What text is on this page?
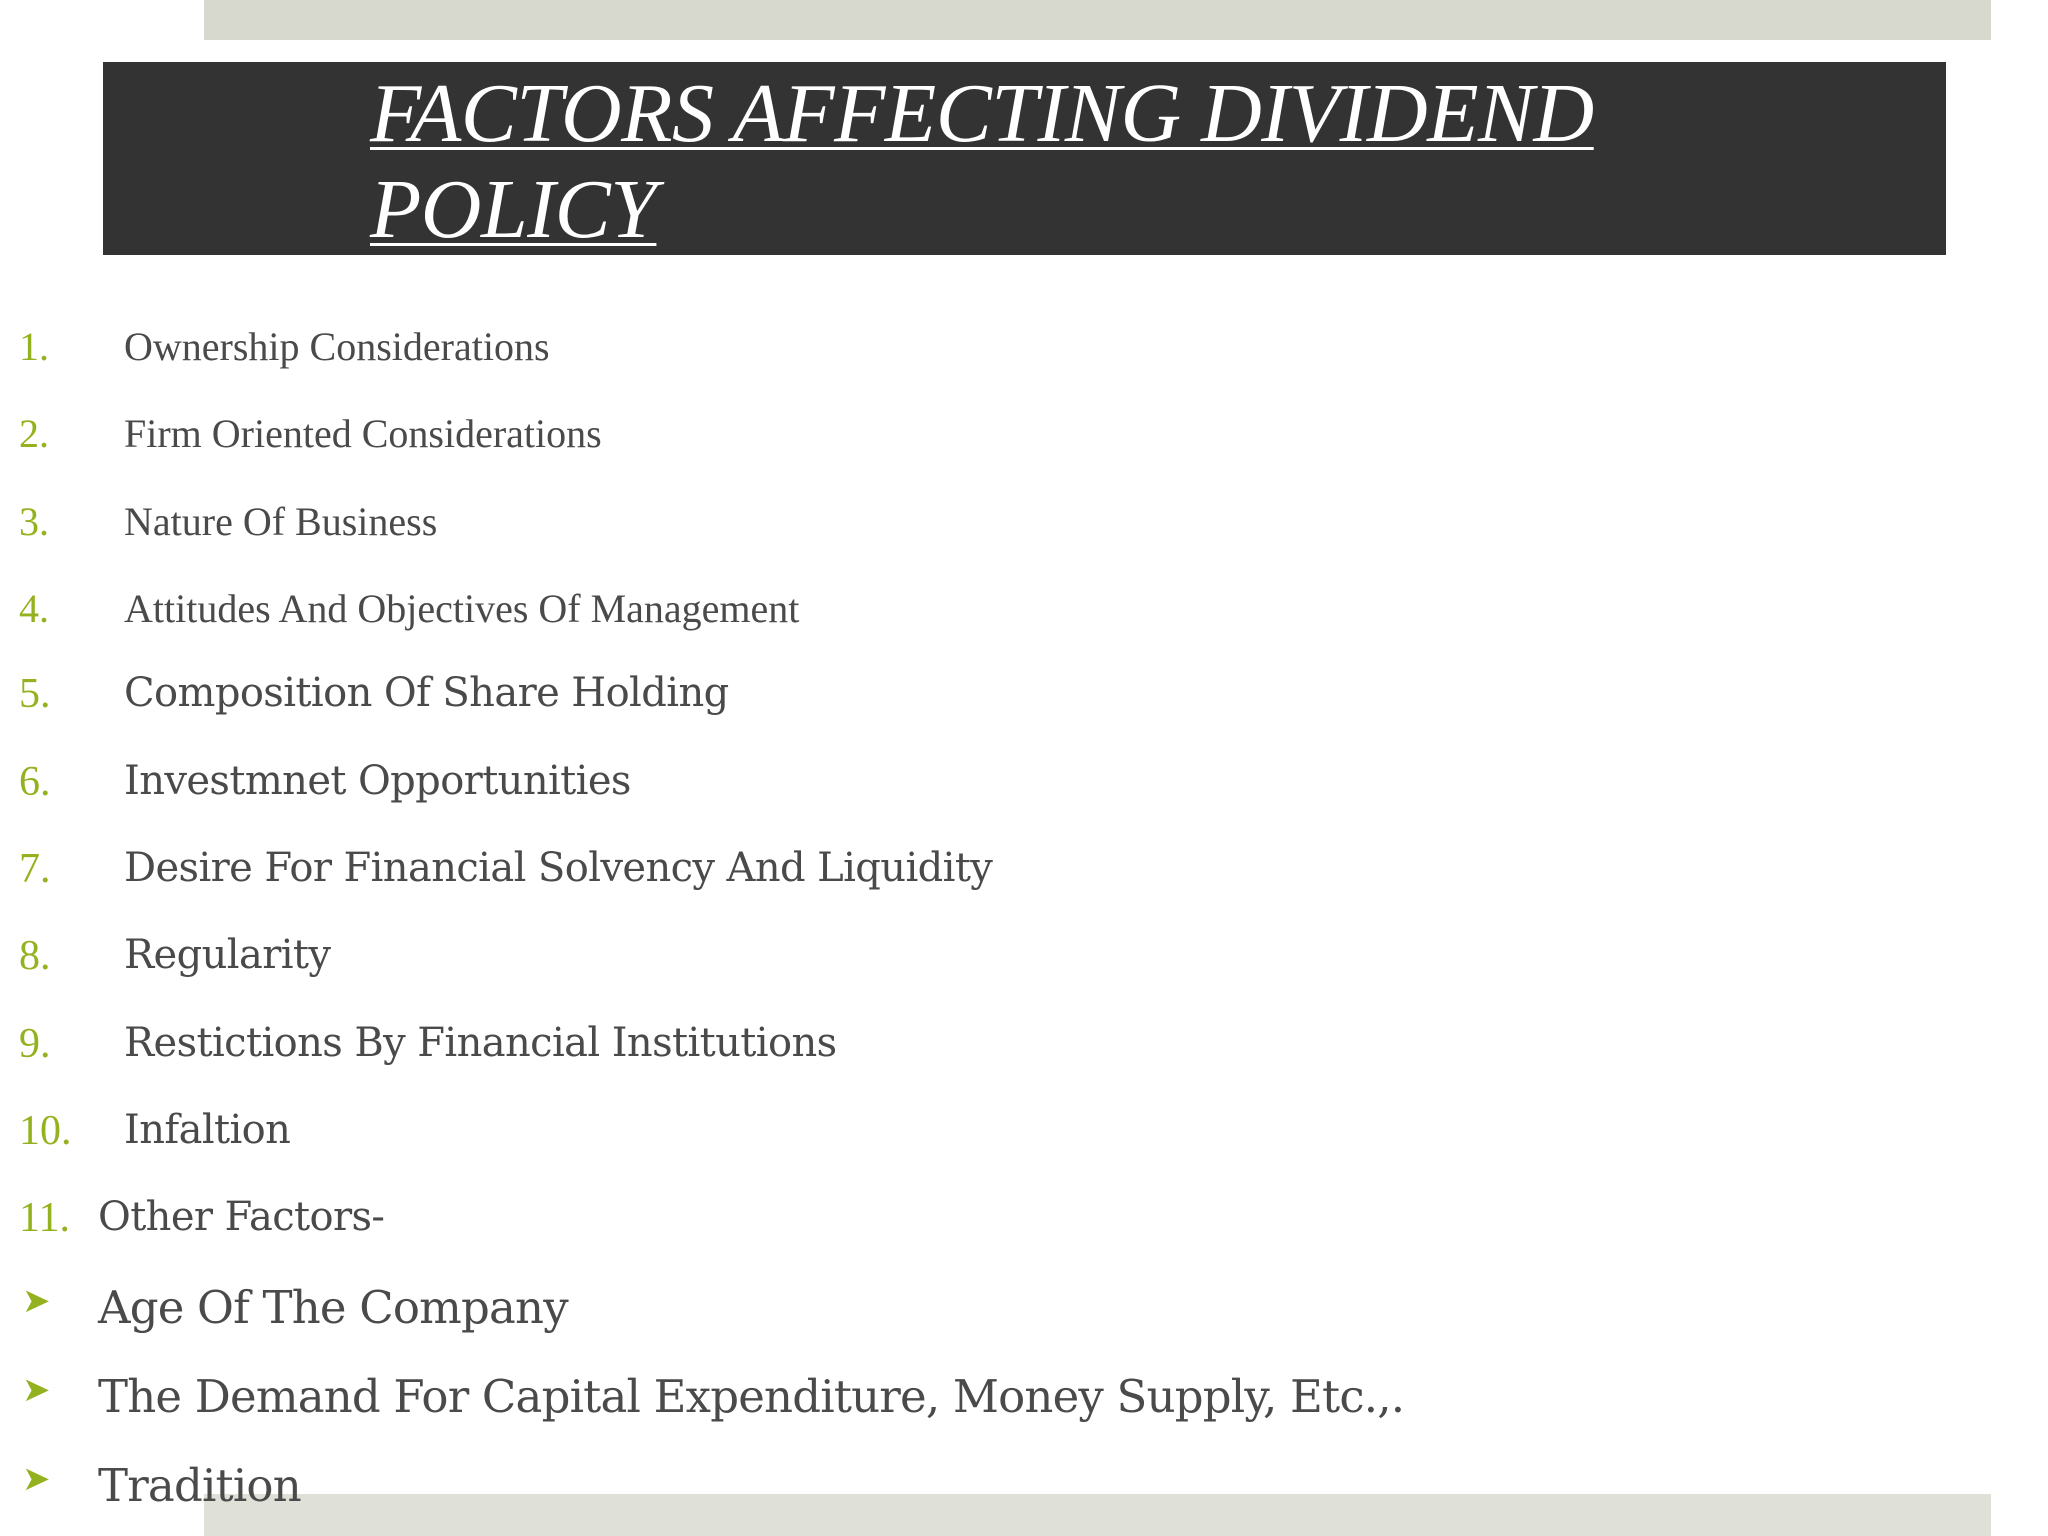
FACTORS AFFECTING DIVIDEND
POLICY
1. Ownership Considerations
2. Firm Oriented Considerations
3. Nature Of Business
4. Attitudes And Objectives Of Management
5. Composition Of Share Holding
6. Investmnet Opportunities
7. Desire For Financial Solvency And Liquidity
8. Regularity
9. Restictions By Financial Institutions
10. Infaltion
11. Other Factors-
➤ Age Of The Company
➤ The Demand For Capital Expenditure, Money Supply, Etc.,.
➤ Tradition
